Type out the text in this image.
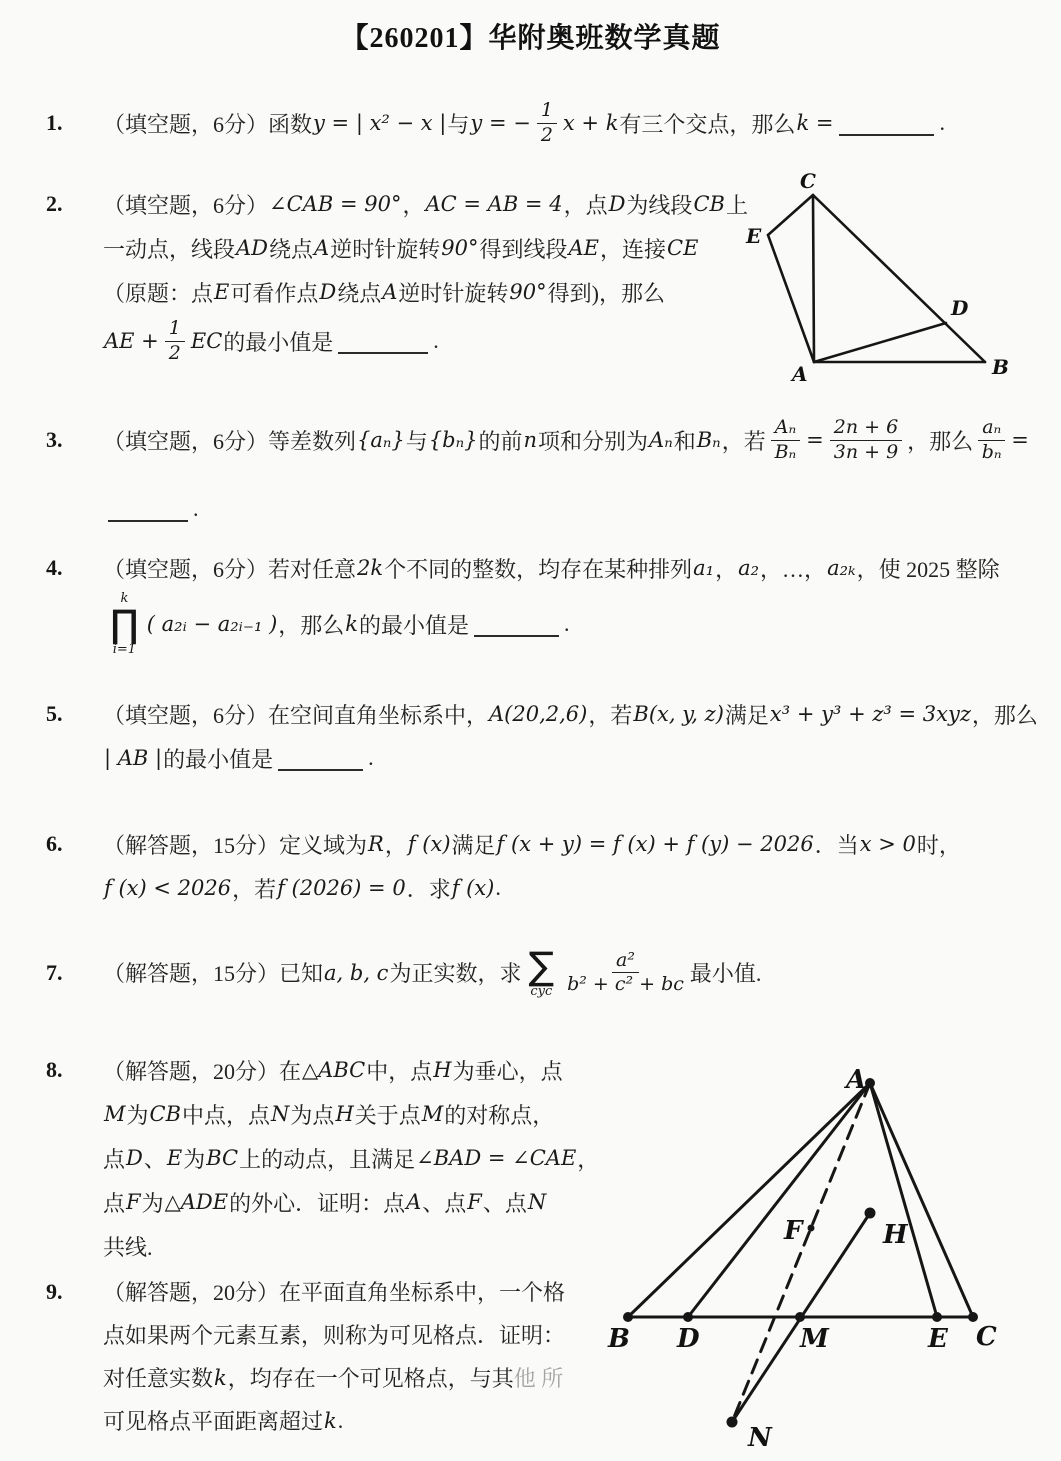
【260201】华附奥班数学真题
1.	（填空题，6分）函数 y = | x² − x | 与 y = − $\frac{1}{2}$ x + k 有三个交点，那么 k =	.
2.	（填空题，6分） ∠CAB = 90° ， AC = AB = 4 ，点 D 为线段 CB 上
一动点，线段 AD 绕点 A 逆时针旋转 90° 得到线段 AE ，连接 CE
（原题：点 E 可看作点 D 绕点 A 逆时针旋转 90° 得到)，那么
AE + $\frac{1}{2}$ EC 的最小值是	.
3.	（填空题，6分）等差数列 {aₙ} 与 {bₙ} 的前 n 项和分别为 Aₙ 和 Bₙ ，若 $\frac{\text{Aₙ}}{\text{Bₙ}} = \frac{2n + 6}{3n + 9}$ ，那么 $\frac{\text{aₙ}}{\text{bₙ}}$ =
.
4.	（填空题，6分）若对任意 2k 个不同的整数，均存在某种排列 a₁ ， a₂ ，…， a₂ₖ ，使 2025 整除
k
∏
i=1
( a₂ᵢ − a₂ᵢ₋₁ ) ，那么 k 的最小值是	.
5.	（填空题，6分）在空间直角坐标系中， A(20,2,6) ，若 B(x, y, z) 满足 x³ + y³ + z³ = 3xyz ，那么
| AB | 的最小值是	.
6.	（解答题，15分）定义域为 R ， f (x) 满足 f (x + y) = f (x) + f (y) − 2026 ．当 x > 0 时，
f (x) < 2026 ，若 f (2026) = 0 ．求 f (x) .
7.	（解答题，15分）已知 a, b, c 为正实数，求 ∑
cyc $\frac{\text{a²}}{\text{b² + c² + bc}}$ 最小值.
8.	（解答题，20分）在 △ABC 中，点 H 为垂心，点
M 为 CB 中点，点 N 为点 H 关于点 M 的对称点，
点 D 、 E 为 BC 上的动点，且满足 ∠BAD = ∠CAE ，
点 F 为 △ADE 的外心．证明：点 A 、点 F 、点 N
共线.
9.	（解答题，20分）在平面直角坐标系中，一个格
点如果两个元素互素，则称为可见格点．证明：
对任意实数 k ，均存在一个可见格点，与其 他 所
可见格点平面距离超过 k .
C
E
A	B
D
A
B D	M	E C
F	H
N
